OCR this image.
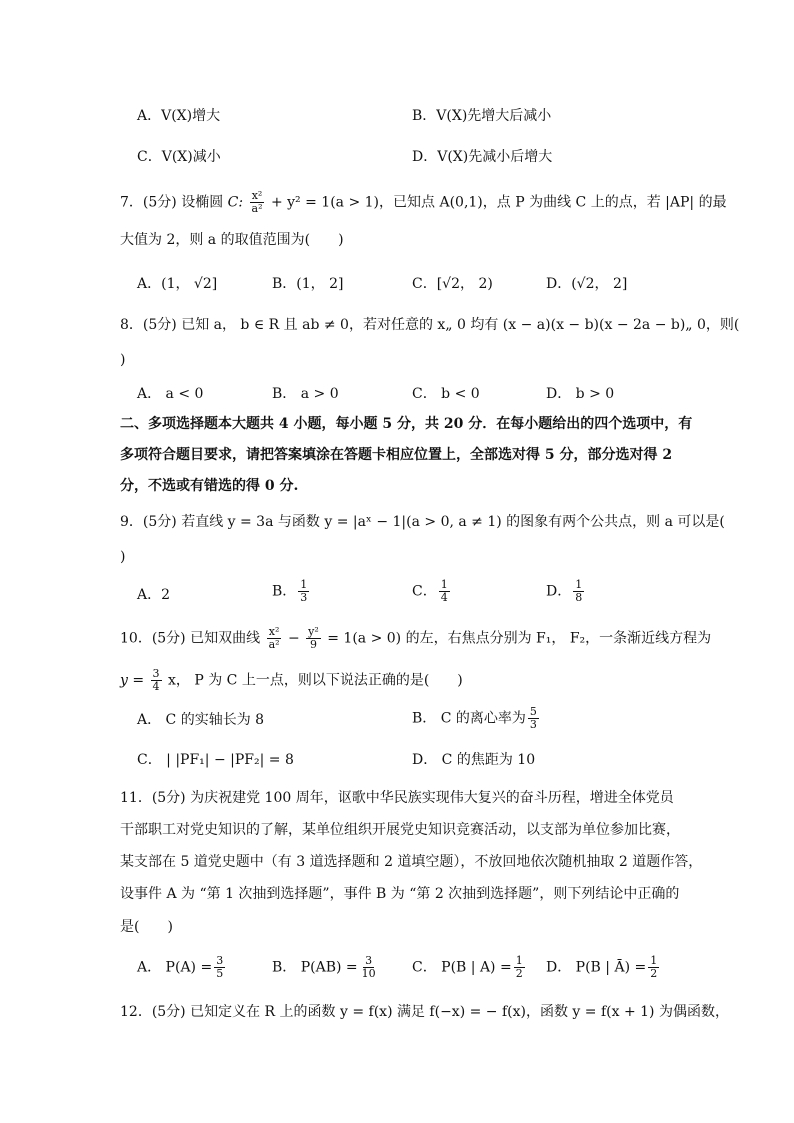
A．V(X)增大	B．V(X)先增大后减小
C．V(X)减小	D．V(X)先减小后增大
7．(5分) 设椭圆 C: $\frac{\text{x²}}{\text{a²}} + y^2 = 1(a > 1)$，已知点 A(0,1)，点 P 为曲线 C 上的点，若 |AP| 的最
大值为 2，则 a 的取值范围为(　　)
A．(1， √2]	B．(1， 2]	C．[√2， 2)	D．(√2， 2]
8．(5分) 已知 a， b ∈ R 且 ab ≠ 0，若对任意的 x„ 0 均有 (x − a)(x − b)(x − 2a − b)„ 0，则(
)
A． a < 0	B． a > 0	C． b < 0	D． b > 0
二、多项选择题本大题共 4 小题，每小题 5 分，共 20 分．在每小题给出的四个选项中，有
多项符合题目要求，请把答案填涂在答题卡相应位置上，全部选对得 5 分，部分选对得 2
分，不选或有错选的得 0 分.
9．(5分) 若直线 y = 3a 与函数 y = |aˣ − 1|(a > 0, a ≠ 1) 的图象有两个公共点，则 a 可以是(
)
A．2	B． $\frac{1}{3}$	C． $\frac{1}{4}$	D． $\frac{1}{8}$
10．(5分) 已知双曲线 $\frac{\text{x²}}{\text{a²}} - \frac{\text{y²}}{9} = 1(a > 0)$ 的左，右焦点分别为 F₁， F₂，一条渐近线方程为
$y = \frac{3}{4}$ x， P 为 C 上一点，则以下说法正确的是(　　)
A． C 的实轴长为 8	B． C 的离心率为 $\frac{5}{3}$
C． | |PF₁| − |PF₂| = 8	D． C 的焦距为 10
11．(5分) 为庆祝建党 100 周年，讴歌中华民族实现伟大复兴的奋斗历程，增进全体党员
干部职工对党史知识的了解，某单位组织开展党史知识竞赛活动，以支部为单位参加比赛，
某支部在 5 道党史题中（有 3 道选择题和 2 道填空题），不放回地依次随机抽取 2 道题作答，
设事件 A 为 “第 1 次抽到选择题”，事件 B 为 “第 2 次抽到选择题”，则下列结论中正确的
是(　　)
A． $P(A) = \frac{3}{5}$	B． $P(AB) = \frac{3}{10}$ C． P(B | $A) = \frac{1}{2}$ D． P(B | Ā) = $\frac{1}{2}$
12．(5分) 已知定义在 R 上的函数 y = f(x) 满足 f(−x) = − f(x)，函数 y = f(x + 1) 为偶函数，
